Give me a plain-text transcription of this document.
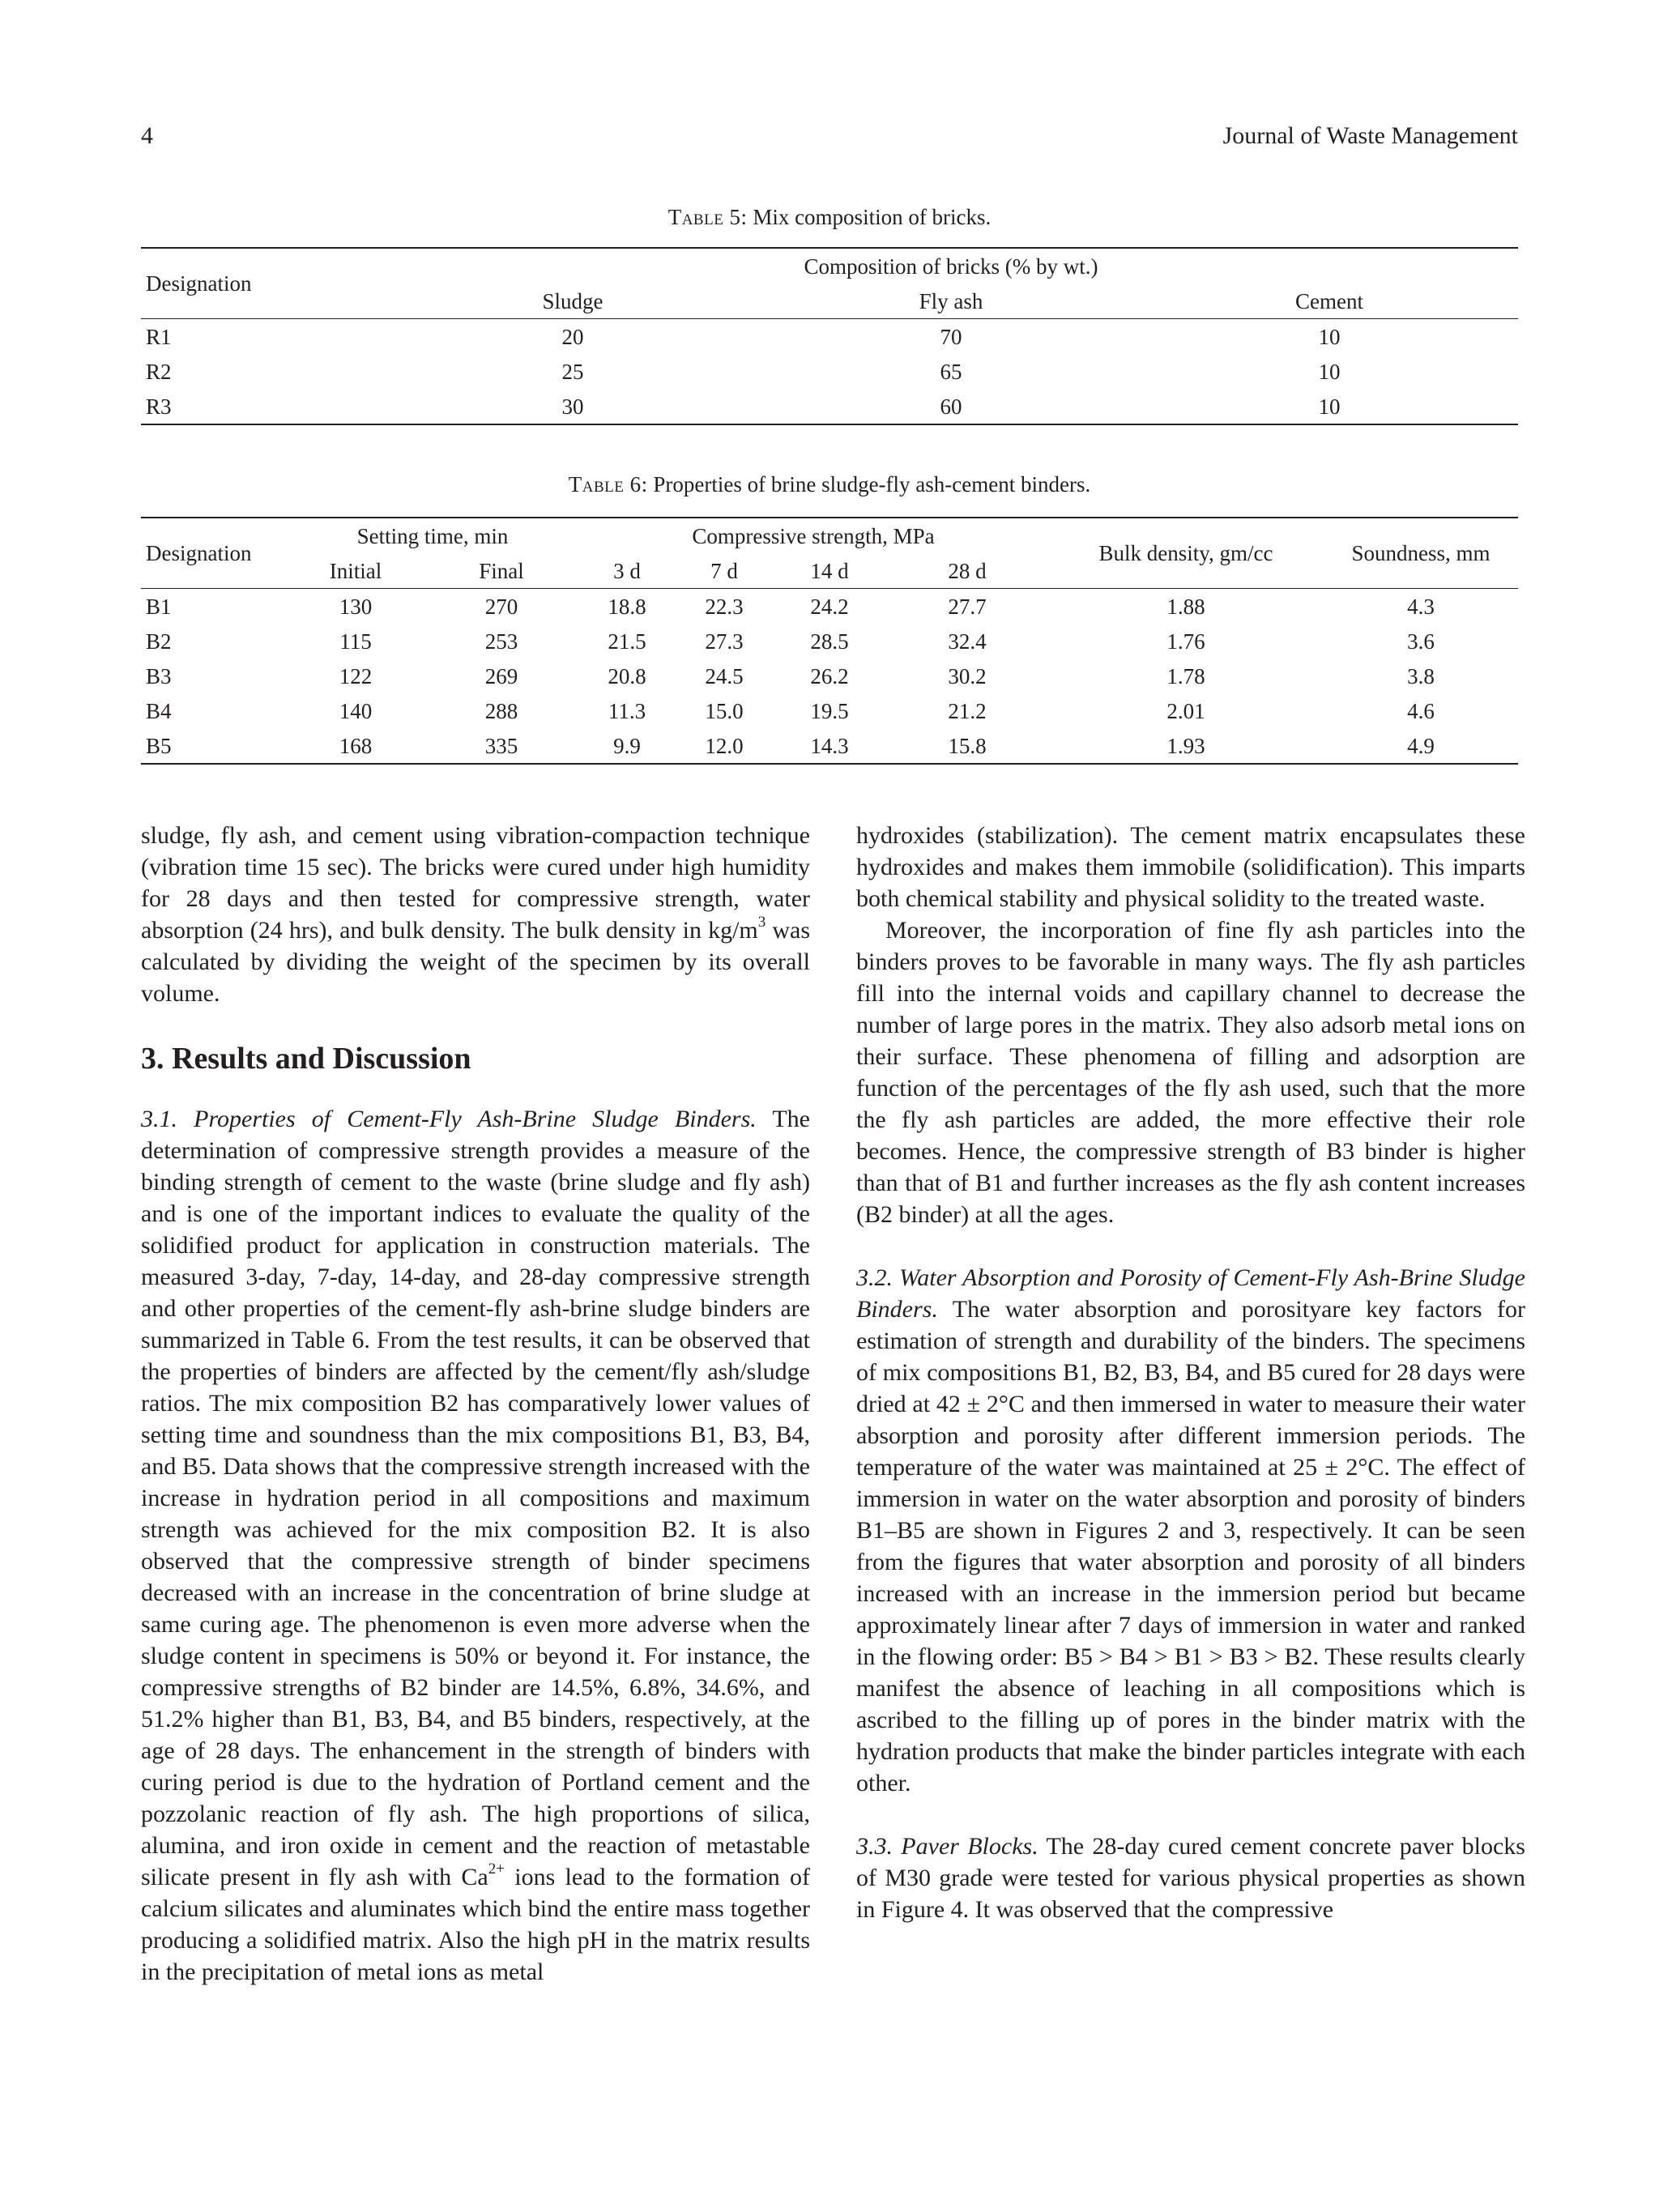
4	Journal of Waste Management
Table 5: Mix composition of bricks.
Designation	Composition of bricks (% by wt.)		
	Sludge	Fly ash	Cement
R1	20	70	10
R2	25	65	10
R3	30	60	10
Table 6: Properties of brine sludge-fly ash-cement binders.
Designation	Setting time, min		Compressive strength, MPa				Bulk density, gm/cc	Soundness, mm
	Initial	Final	3 d	7 d	14 d	28 d		
B1	130	270	18.8	22.3	24.2	27.7	1.88	4.3
B2	115	253	21.5	27.3	28.5	32.4	1.76	3.6
B3	122	269	20.8	24.5	26.2	30.2	1.78	3.8
B4	140	288	11.3	15.0	19.5	21.2	2.01	4.6
B5	168	335	9.9	12.0	14.3	15.8	1.93	4.9

sludge, fly ash, and cement using vibration-compaction technique (vibration time 15 sec). The bricks were cured under high humidity for 28 days and then tested for compressive strength, water absorption (24 hrs), and bulk density. The bulk density in $kg/m^3$ was calculated by dividing the weight of the specimen by its overall volume.

3. Results and Discussion

3.1. Properties of Cement-Fly Ash-Brine Sludge Binders. The determination of compressive strength provides a measure of the binding strength of cement to the waste (brine sludge and fly ash) and is one of the important indices to evaluate the quality of the solidified product for application in construction materials. The measured 3-day, 7-day, 14-day, and 28-day compressive strength and other properties of the cement-fly ash-brine sludge binders are summarized in Table 6. From the test results, it can be observed that the properties of binders are affected by the cement/fly ash/sludge ratios. The mix composition B2 has comparatively lower values of setting time and soundness than the mix compositions B1, B3, B4, and B5. Data shows that the compressive strength increased with the increase in hydration period in all compositions and maximum strength was achieved for the mix composition B2. It is also observed that the compressive strength of binder specimens decreased with an increase in the concentration of brine sludge at same curing age. The phenomenon is even more adverse when the sludge content in specimens is 50% or beyond it. For instance, the compressive strengths of B2 binder are 14.5%, 6.8%, 34.6%, and 51.2% higher than B1, B3, B4, and B5 binders, respectively, at the age of 28 days. The enhancement in the strength of binders with curing period is due to the hydration of Portland cement and the pozzolanic reaction of fly ash. The high proportions of silica, alumina, and iron oxide in cement and the reaction of metastable silicate present in fly ash with $Ca^{2+}$ ions lead to the formation of calcium silicates and aluminates which bind the entire mass together producing a solidified matrix. Also the high pH in the matrix results in the precipitation of metal ions as metal

hydroxides (stabilization). The cement matrix encapsulates these hydroxides and makes them immobile (solidification). This imparts both chemical stability and physical solidity to the treated waste.

Moreover, the incorporation of fine fly ash particles into the binders proves to be favorable in many ways. The fly ash particles fill into the internal voids and capillary channel to decrease the number of large pores in the matrix. They also adsorb metal ions on their surface. These phenomena of filling and adsorption are function of the percentages of the fly ash used, such that the more the fly ash particles are added, the more effective their role becomes. Hence, the compressive strength of B3 binder is higher than that of B1 and further increases as the fly ash content increases (B2 binder) at all the ages.

3.2. Water Absorption and Porosity of Cement-Fly Ash-Brine Sludge Binders. The water absorption and porosityare key factors for estimation of strength and durability of the binders. The specimens of mix compositions B1, B2, B3, B4, and B5 cured for 28 days were dried at 42 ± 2°C and then immersed in water to measure their water absorption and porosity after different immersion periods. The temperature of the water was maintained at 25 ± 2°C. The effect of immersion in water on the water absorption and porosity of binders B1–B5 are shown in Figures 2 and 3, respectively. It can be seen from the figures that water absorption and porosity of all binders increased with an increase in the immersion period but became approximately linear after 7 days of immersion in water and ranked in the flowing order: B5 > B4 > B1 > B3 > B2. These results clearly manifest the absence of leaching in all compositions which is ascribed to the filling up of pores in the binder matrix with the hydration products that make the binder particles integrate with each other.

3.3. Paver Blocks. The 28-day cured cement concrete paver blocks of M30 grade were tested for various physical properties as shown in Figure 4. It was observed that the compressive
